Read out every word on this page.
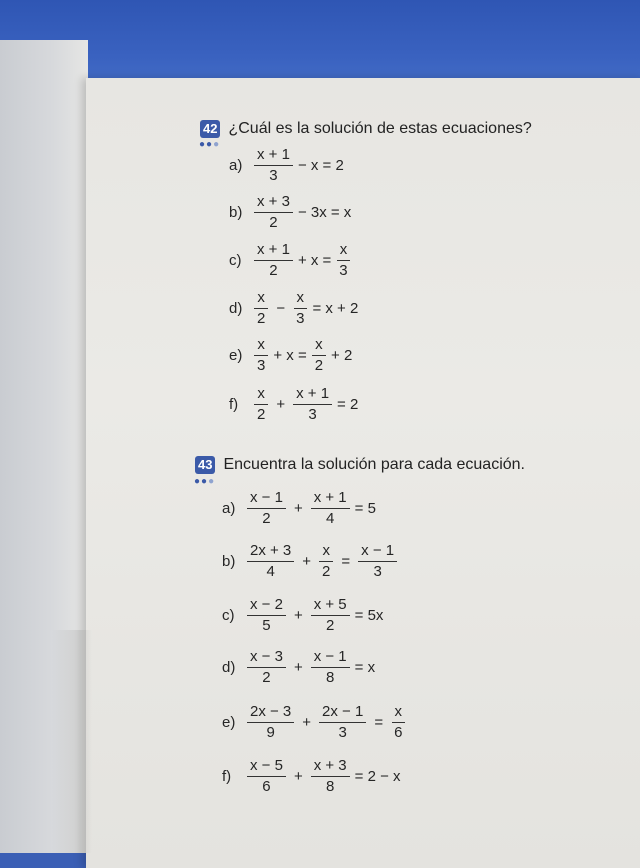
42 ¿Cuál es la solución de estas ecuaciones?
●●●
$a) \frac{x + 1}{3} - x = 2$
$b) \frac{x + 3}{2} - 3x = x$
$c) \frac{x + 1}{2} + x = \frac{x}{3}$
$d) \frac{x}{2} - \frac{x}{3} = x + 2$
$e) \frac{x}{3} + x = \frac{x}{2} + 2$
f)	$\frac{x}{2} + \frac{x + 1}{3} = 2$
43 Encuentra la solución para cada ecuación.
●●●
$a) \frac{x - 1}{2} + \frac{x + 1}{4} = 5$
$b) \frac{2x + 3}{4} + \frac{x}{2} = \frac{x - 1}{3}$
$c) \frac{x - 2}{5} + \frac{x + 5}{2} = 5x$
$d) \frac{x - 3}{2} + \frac{x - 1}{8} = x$
$e) \frac{2x - 3}{9} + \frac{2x - 1}{3} = \frac{x}{6}$
f)	$\frac{x - 5}{6} + \frac{x + 3}{8} = 2 - x$
